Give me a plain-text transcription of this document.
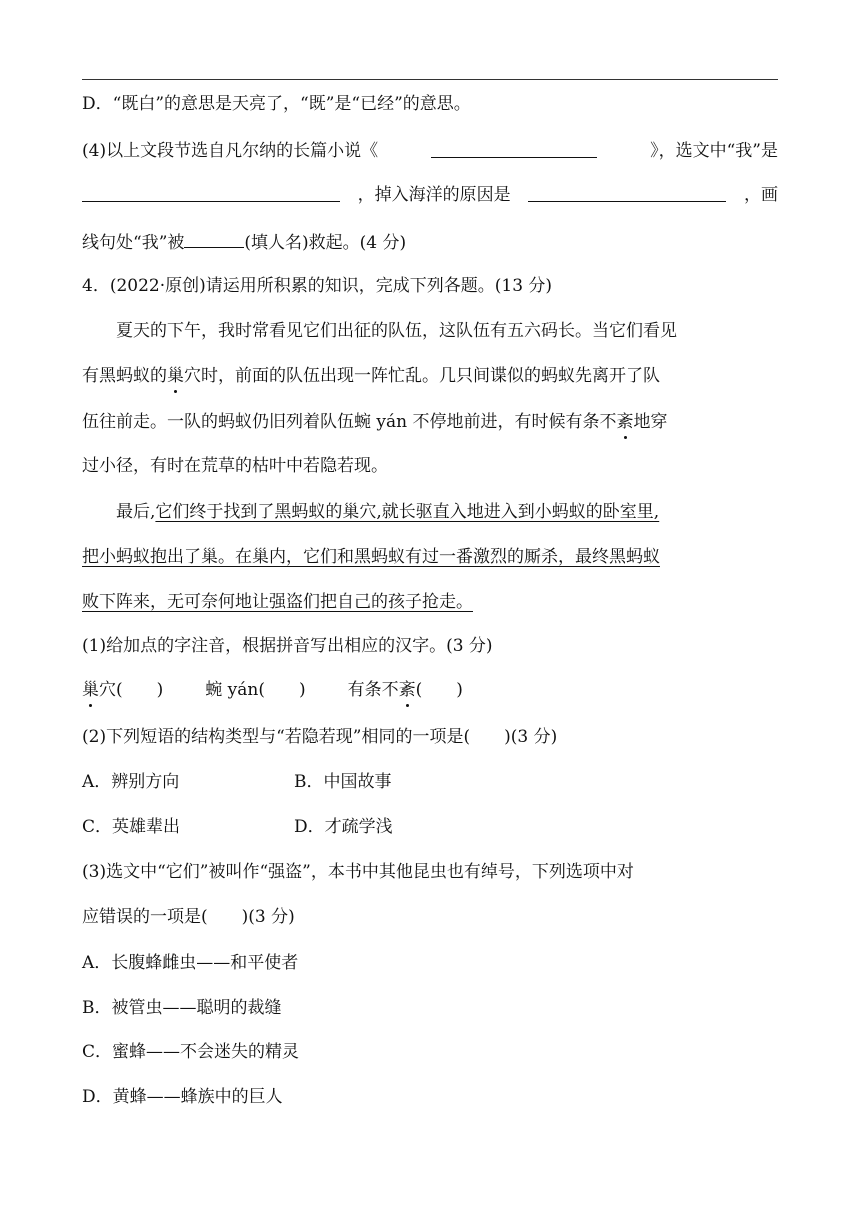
D．“既白”的意思是天亮了，“既”是“已经”的意思。
(4)以上文段节选自凡尔纳的长篇小说《	》，选文中“我”是
，掉入海洋的原因是	，画
线句处“我”被	(填人名)救起。(4 分)
4．(2022·原创)请运用所积累的知识，完成下列各题。(13 分)
夏天的下午，我时常看见它们出征的队伍，这队伍有五六码长。当它们看见
有黑蚂蚁的巢穴时，前面的队伍出现一阵忙乱。几只间谍似的蚂蚁先离开了队
伍往前走。一队的蚂蚁仍旧列着队伍蜿 yán 不停地前进，有时候有条不紊地穿
过小径，有时在荒草的枯叶中若隐若现。
最后,它们终于找到了黑蚂蚁的巢穴,就长驱直入地进入到小蚂蚁的卧室里,
把小蚂蚁抱出了巢。在巢内，它们和黑蚂蚁有过一番激烈的厮杀，最终黑蚂蚁
败下阵来，无可奈何地让强盗们把自己的孩子抢走。
(1)给加点的字注音，根据拼音写出相应的汉字。(3 分)
巢穴(　　) 蜿 yán(　　) 有条不紊(　　)
(2)下列短语的结构类型与“若隐若现”相同的一项是(　　)(3 分)
A．辨别方向	B．中国故事
C．英雄辈出	D．才疏学浅
(3)选文中“它们”被叫作“强盗”，本书中其他昆虫也有绰号，下列选项中对
应错误的一项是(　　)(3 分)
A．长腹蜂雌虫——和平使者
B．被管虫——聪明的裁缝
C．蜜蜂——不会迷失的精灵
D．黄蜂——蜂族中的巨人
